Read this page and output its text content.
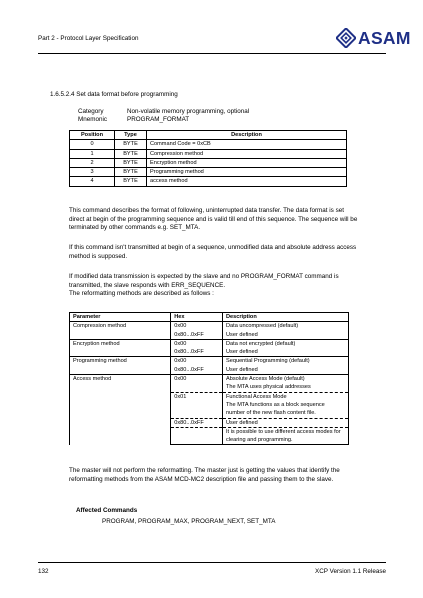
Part 2 - Protocol Layer Specification	ASAM
1.6.5.2.4 Set data format before programming
Category	Non-volatile memory programming, optional
Mnemonic	PROGRAM_FORMAT
Position	Type	Description
0	BYTE	Command Code = 0xCB
1	BYTE	Compression method
2	BYTE	Encryption method
3	BYTE	Programming method
4	BYTE	access method
This command describes the format of following, uninterrupted data transfer. The data format is set direct at begin of the programming sequence and is valid till end of this sequence. The sequence will be terminated by other commands e.g. SET_MTA.
If this command isn't transmitted at begin of a sequence, unmodified data and absolute address access method is supposed.
If modified data transmission is expected by the slave and no PROGRAM_FORMAT command is transmitted, the slave responds with ERR_SEQUENCE.
The reformatting methods are described as follows :
Parameter	Hex	Description
Compression method	0x00	Data uncompressed (default)
	0x80...0xFF	User defined
Encryption method	0x00	Data not encrypted (default)
	0x80...0xFF	User defined
Programming method	0x00	Sequential Programming (default)
	0x80...0xFF	User defined
Access method	0x00	Absolute Access Mode (default)
The MTA uses physical addresses

	0x01	Functional Access Mode
The MTA functions as a block sequence number of the new flash content file.

	0x80...0xFF	User defined

		It is possible to use different access modes for clearing and programming.
The master will not perform the reformatting. The master just is getting the values that identify the reformatting methods from the ASAM MCD-MC2 description file and passing them to the slave.
Affected Commands
PROGRAM, PROGRAM_MAX, PROGRAM_NEXT, SET_MTA
132	XCP Version 1.1 Release
